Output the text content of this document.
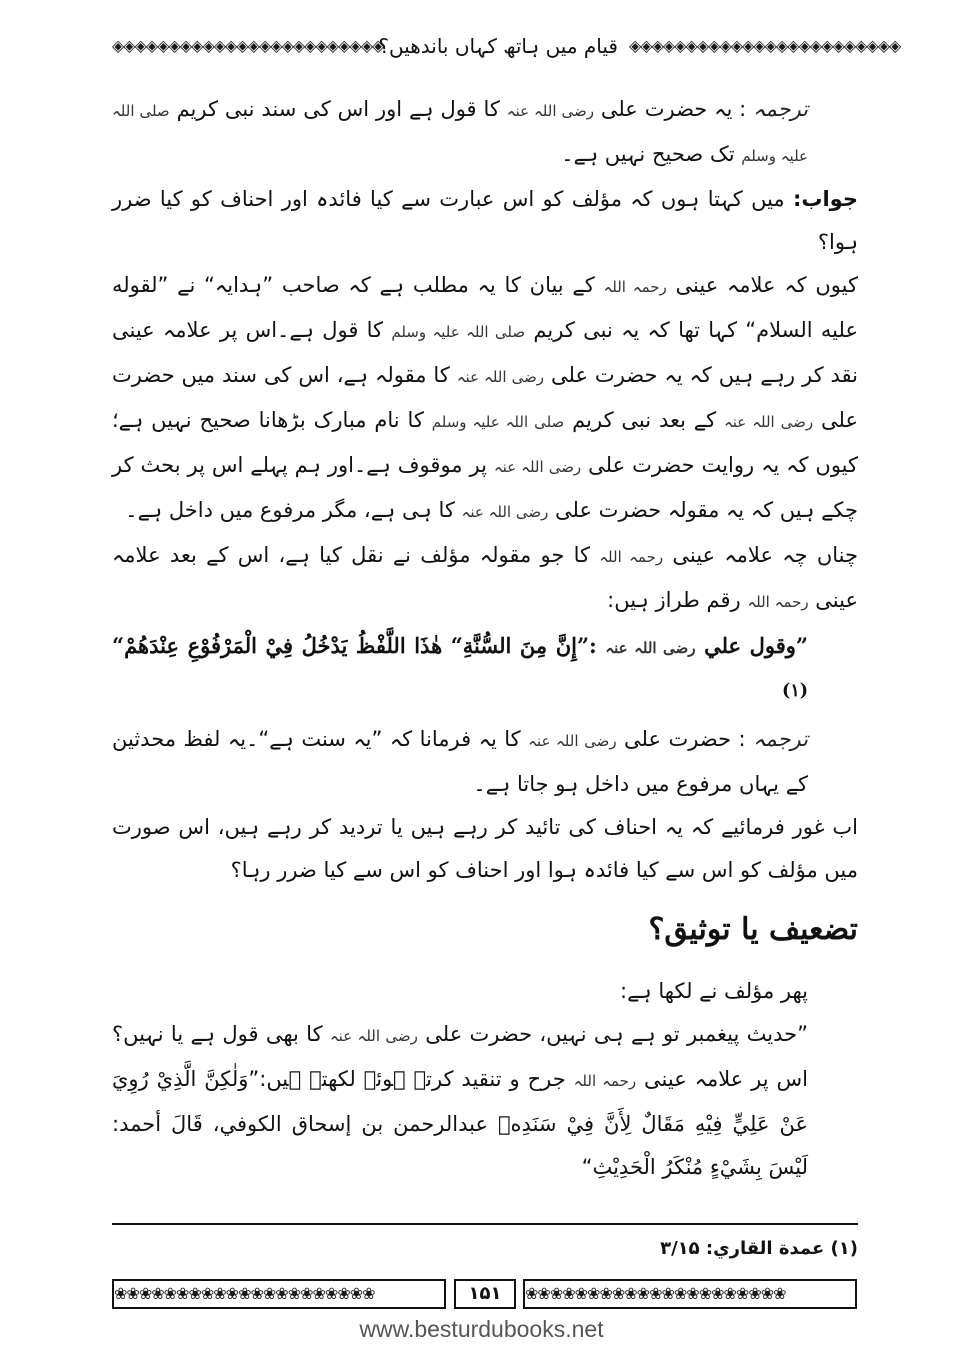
◈◈◈◈◈◈◈◈◈◈◈◈◈◈◈◈◈◈◈◈◈◈◈◈
قیام میں ہاتھ کہاں باندھیں؟
◈◈◈◈◈◈◈◈◈◈◈◈◈◈◈◈◈◈◈◈◈◈◈◈

ترجمہ : یہ حضرت علی رضی اللہ عنہ کا قول ہے اور اس کی سند نبی کریم صلی اللہ علیہ وسلم تک صحیح نہیں ہے۔

جواب: میں کہتا ہوں کہ مؤلف کو اس عبارت سے کیا فائدہ اور احناف کو کیا ضرر ہوا؟

کیوں کہ علامہ عینی رحمہ اللہ کے بیان کا یہ مطلب ہے کہ صاحب ”ہدایہ“ نے ”لقوله عليه السلام“ کہا تھا کہ یہ نبی کریم صلی اللہ علیہ وسلم کا قول ہے۔اس پر علامہ عینی نقد کر رہے ہیں کہ یہ حضرت علی رضی اللہ عنہ کا مقولہ ہے، اس کی سند میں حضرت علی رضی اللہ عنہ کے بعد نبی کریم صلی اللہ علیہ وسلم کا نام مبارک بڑھانا صحیح نہیں ہے؛ کیوں کہ یہ روایت حضرت علی رضی اللہ عنہ پر موقوف ہے۔اور ہم پہلے اس پر بحث کر چکے ہیں کہ یہ مقولہ حضرت علی رضی اللہ عنہ کا ہی ہے، مگر مرفوع میں داخل ہے۔

چناں چہ علامہ عینی رحمہ اللہ کا جو مقولہ مؤلف نے نقل کیا ہے، اس کے بعد علامہ عینی رحمہ اللہ رقم طراز ہیں:

”وقول علي رضی اللہ عنہ :”إِنَّ مِنَ السُّنَّةِ“ هٰذَا اللَّفْظُ يَدْخُلُ فِيْ الْمَرْفُوْعِ عِنْدَهُمْ“ $^{(۱)}$

ترجمہ : حضرت علی رضی اللہ عنہ کا یہ فرمانا کہ ”یہ سنت ہے“۔یہ لفظ محدثین کے یہاں مرفوع میں داخل ہو جاتا ہے۔

اب غور فرمائیے کہ یہ احناف کی تائید کر رہے ہیں یا تردید کر رہے ہیں، اس صورت میں مؤلف کو اس سے کیا فائدہ ہوا اور احناف کو اس سے کیا ضرر رہا؟

تضعیف یا توثیق؟

پھر مؤلف نے لکھا ہے:

”حدیث پیغمبر تو ہے ہی نہیں، حضرت علی رضی اللہ عنہ کا بھی قول ہے یا نہیں؟ اس پر علامہ عینی رحمہ اللہ جرح و تنقید کرتے ہوئے لکھتے ہیں:”وَلٰكِنَّ الَّذِيْ رُوِيَ عَنْ عَلِيٍّ فِيْهِ مَقَالٌ لِأَنَّ فِيْ سَنَدِهٖ عبدالرحمن بن إسحاق الكوفي، قَالَ أحمد: لَيْسَ بِشَيْءٍ مُنْكَرُ الْحَدِيْثِ“

(۱) عمدة القاري: ۳/۱۵
❀❀❀❀❀❀❀❀❀❀❀❀❀❀❀❀❀❀❀❀❀
۱۵۱
❀❀❀❀❀❀❀❀❀❀❀❀❀❀❀❀❀❀❀❀❀
www.besturdubooks.net
